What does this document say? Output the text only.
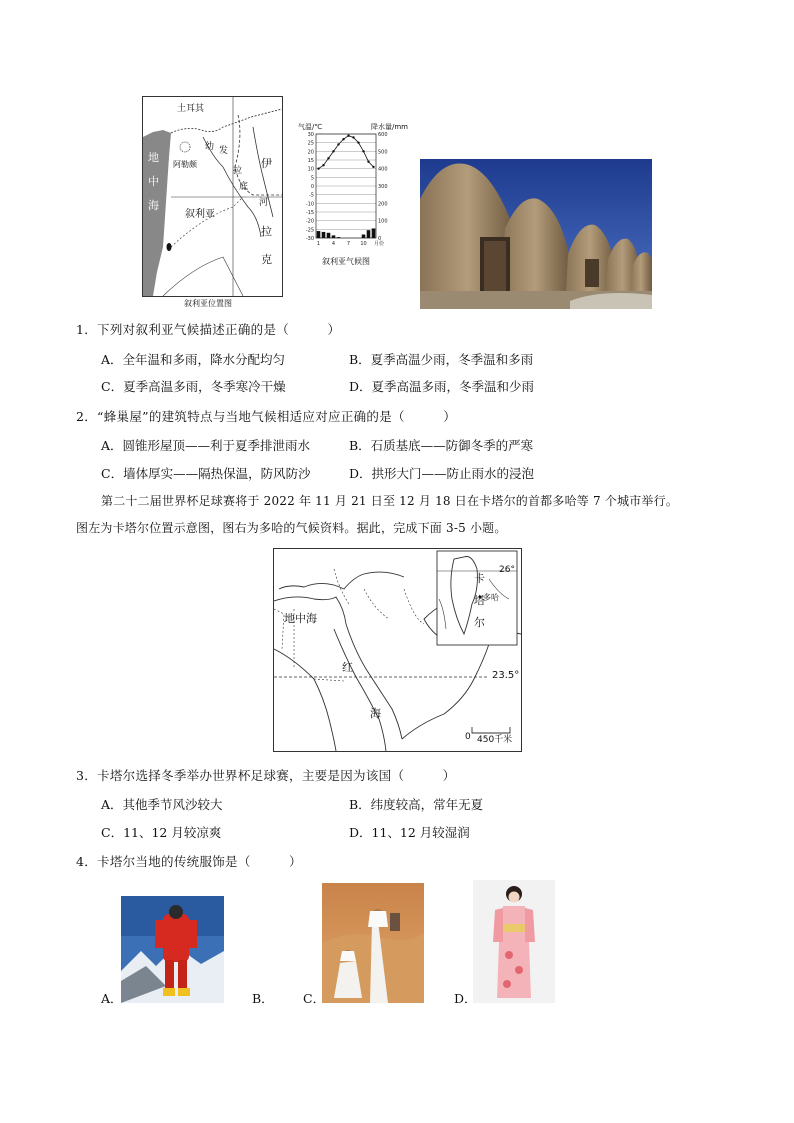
土耳其
阿勒颇
幼 发
拉
底
河
伊
拉
克
地
中
海
叙利亚
叙利亚位置图
气温/℃	降水量/mm
30
25
20
15
10
5
0
-5
-10
-15
-20
-25
-30
600
500
400
300
200
100
0
1 4 7 10 月份
叙利亚气候图
1．下列对叙利亚气候描述正确的是（　　　）
A．全年温和多雨，降水分配均匀	B．夏季高温少雨，冬季温和多雨
C．夏季高温多雨，冬季寒冷干燥	D．夏季高温多雨，冬季温和少雨
2．“蜂巢屋”的建筑特点与当地气候相适应对应正确的是（　　　）
A．圆锥形屋顶——利于夏季排泄雨水	B．石质基底——防御冬季的严寒
C．墙体厚实——隔热保温，防风防沙	D．拱形大门——防止雨水的浸泡
第二十二届世界杯足球赛将于 2022 年 11 月 21 日至 12 月 18 日在卡塔尔的首都多哈等 7 个城市举行。
图左为卡塔尔位置示意图，图右为多哈的气候资料。据此，完成下面 3-5 小题。
地中海
红
海
23.5°
26°
卡
塔
尔
多哈
0 450千米
3．卡塔尔选择冬季举办世界杯足球赛，主要是因为该国（　　　）
A．其他季节风沙较大	B．纬度较高，常年无夏
C．11、12 月较凉爽	D．11、12 月较湿润
4．卡塔尔当地的传统服饰是（　　　）
A．	B． C．	D．
